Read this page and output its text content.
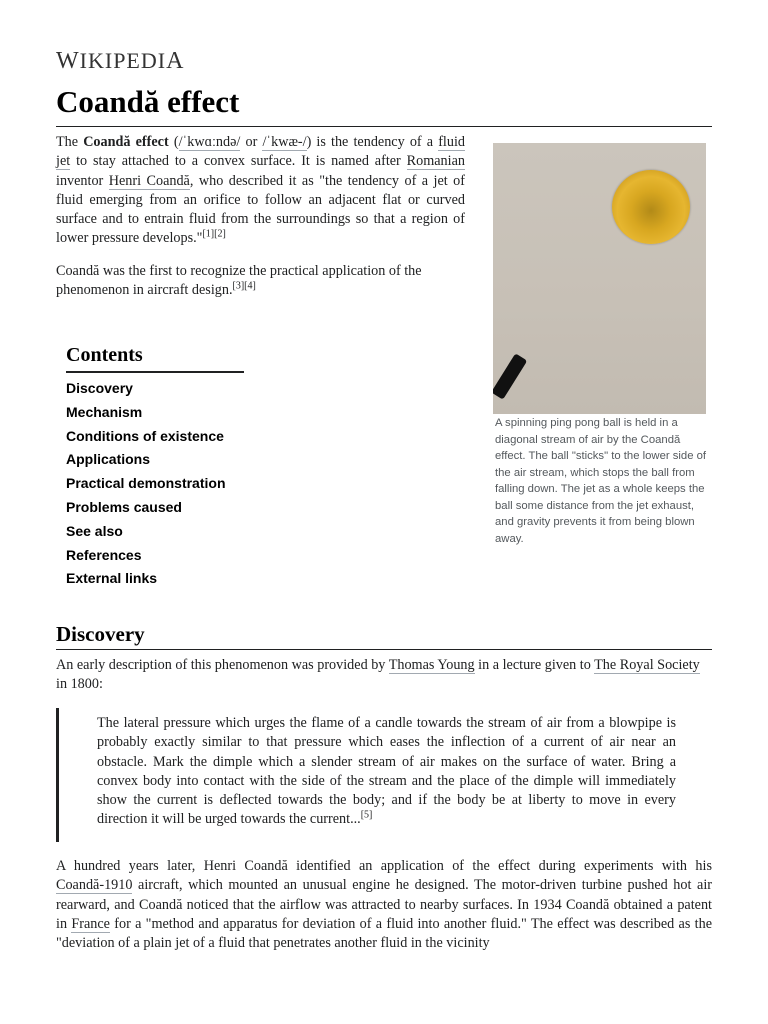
WIKIPEDIA
Coandă effect

The Coandă effect (/ˈkwɑːndə/ or /ˈkwæ-/) is the tendency of a fluid jet to stay attached to a convex surface. It is named after Romanian inventor Henri Coandă, who described it as "the tendency of a jet of fluid emerging from an orifice to follow an adjacent flat or curved surface and to entrain fluid from the surroundings so that a region of lower pressure develops."[1][2]

Coandă was the first to recognize the practical application of the phenomenon in aircraft design.[3][4]

A spinning ping pong ball is held in a diagonal stream of air by the Coandă effect. The ball "sticks" to the lower side of the air stream, which stops the ball from falling down. The jet as a whole keeps the ball some distance from the jet exhaust, and gravity prevents it from being blown away.

Contents
Discovery
Mechanism
Conditions of existence
Applications
Practical demonstration
Problems caused
See also
References
External links
Discovery

An early description of this phenomenon was provided by Thomas Young in a lecture given to The Royal Society in 1800:

The lateral pressure which urges the flame of a candle towards the stream of air from a blowpipe is probably exactly similar to that pressure which eases the inflection of a current of air near an obstacle. Mark the dimple which a slender stream of air makes on the surface of water. Bring a convex body into contact with the side of the stream and the place of the dimple will immediately show the current is deflected towards the body; and if the body be at liberty to move in every direction it will be urged towards the current...[5]

A hundred years later, Henri Coandă identified an application of the effect during experiments with his Coandă-1910 aircraft, which mounted an unusual engine he designed. The motor-driven turbine pushed hot air rearward, and Coandă noticed that the airflow was attracted to nearby surfaces. In 1934 Coandă obtained a patent in France for a "method and apparatus for deviation of a fluid into another fluid." The effect was described as the "deviation of a plain jet of a fluid that penetrates another fluid in the vicinity
